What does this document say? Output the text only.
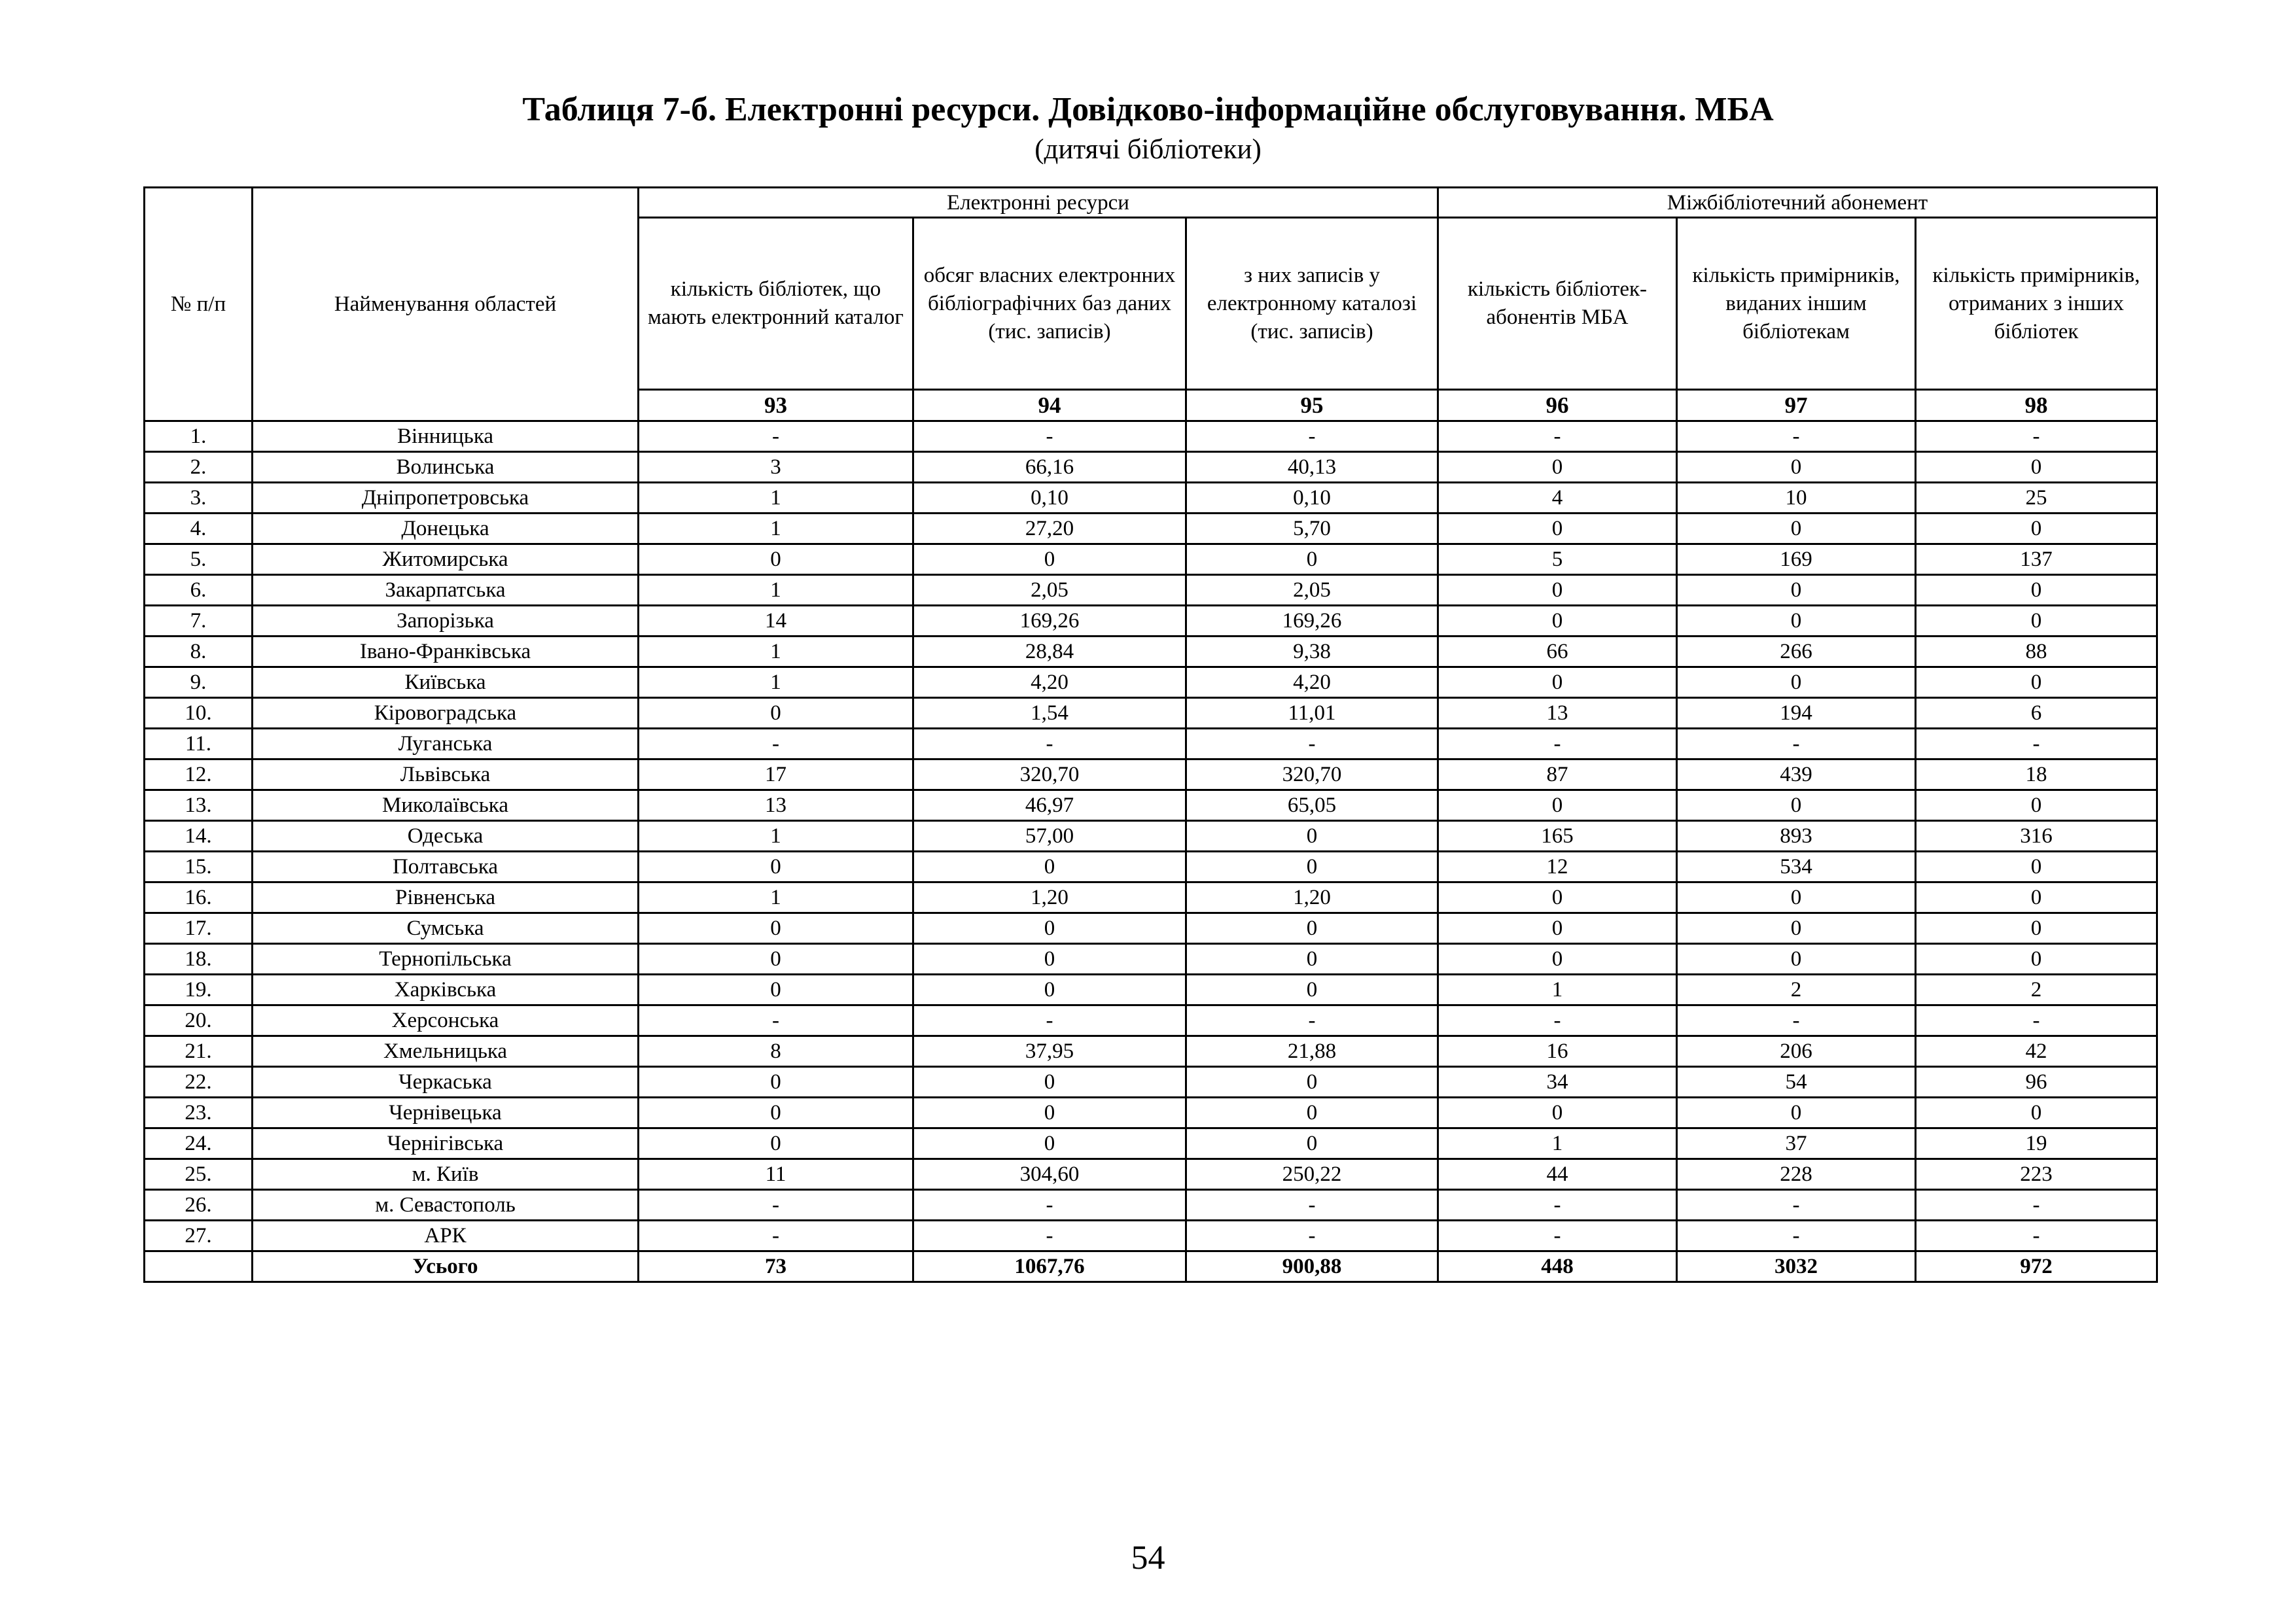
Таблиця 7-б. Електронні ресурси. Довідково-інформаційне обслуговування. МБА
(дитячі бібліотеки)
№ п/п	Найменування областей	Електронні ресурси			Міжбібліотечний абонемент		
		кількість бібліотек, що мають електронний каталог	обсяг власних електронних бібліографічних баз даних (тис. записів)	з них записів у електронному каталозі (тис. записів)	кількість бібліотек-абонентів МБА	кількість примірників, виданих іншим бібліотекам	кількість примірників, отриманих з інших бібліотек
		93	94	95	96	97	98
1.	Вінницька	-	-	-	-	-	-
2.	Волинська	3	66,16	40,13	0	0	0
3.	Дніпропетровська	1	0,10	0,10	4	10	25
4.	Донецька	1	27,20	5,70	0	0	0
5.	Житомирська	0	0	0	5	169	137
6.	Закарпатська	1	2,05	2,05	0	0	0
7.	Запорізька	14	169,26	169,26	0	0	0
8.	Івано-Франківська	1	28,84	9,38	66	266	88
9.	Київська	1	4,20	4,20	0	0	0
10.	Кіровоградська	0	1,54	11,01	13	194	6
11.	Луганська	-	-	-	-	-	-
12.	Львівська	17	320,70	320,70	87	439	18
13.	Миколаївська	13	46,97	65,05	0	0	0
14.	Одеська	1	57,00	0	165	893	316
15.	Полтавська	0	0	0	12	534	0
16.	Рівненська	1	1,20	1,20	0	0	0
17.	Сумська	0	0	0	0	0	0
18.	Тернопільська	0	0	0	0	0	0
19.	Харківська	0	0	0	1	2	2
20.	Херсонська	-	-	-	-	-	-
21.	Хмельницька	8	37,95	21,88	16	206	42
22.	Черкаська	0	0	0	34	54	96
23.	Чернівецька	0	0	0	0	0	0
24.	Чернігівська	0	0	0	1	37	19
25.	м. Київ	11	304,60	250,22	44	228	223
26.	м. Севастополь	-	-	-	-	-	-
27.	АРК	-	-	-	-	-	-
	Усього	73	1067,76	900,88	448	3032	972
54
